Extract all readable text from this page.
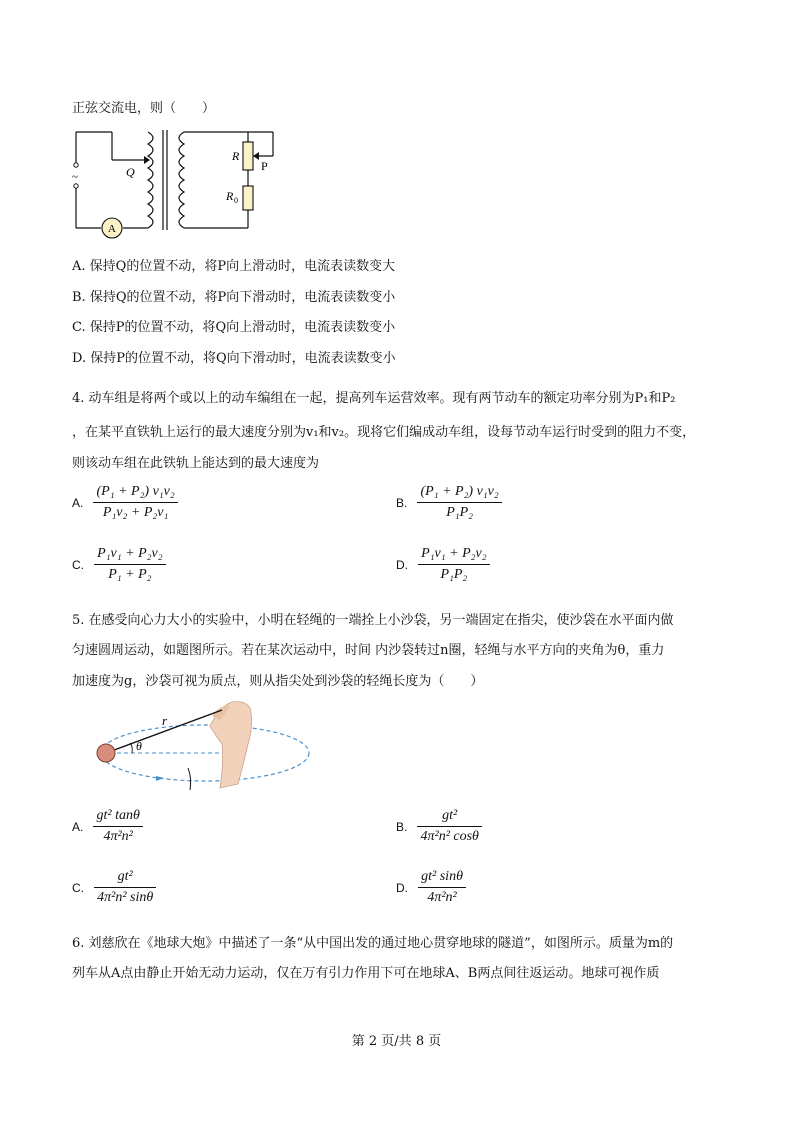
正弦交流电，则（　　）
A
~	Q
R
P
R 0
A. 保持Q的位置不动，将P向上滑动时，电流表读数变大
B. 保持Q的位置不动，将P向下滑动时，电流表读数变小
C. 保持P的位置不动，将Q向上滑动时，电流表读数变小
D. 保持P的位置不动，将Q向下滑动时，电流表读数变小
4. 动车组是将两个或以上的动车编组在一起，提高列车运营效率。现有两节动车的额定功率分别为P₁和P₂
，在某平直铁轨上运行的最大速度分别为v₁和v₂。现将它们编成动车组，设每节动车运行时受到的阻力不变，
则该动车组在此铁轨上能达到的最大速度为
A. $\frac{\text{(P₁ + P₂) v₁v₂}}{\text{P₁v₂ + P₂v₁}}$	B. $\frac{\text{(P₁ + P₂) v₁v₂}}{\text{P₁P₂}}$
C. $\frac{\text{P₁v₁ + P₂v₂}}{\text{P₁ + P₂}}$	D. $\frac{\text{P₁v₁ + P₂v₂}}{\text{P₁P₂}}$
5. 在感受向心力大小的实验中，小明在轻绳的一端拴上小沙袋，另一端固定在指尖，使沙袋在水平面内做
匀速圆周运动，如题图所示。若在某次运动中，时间 内沙袋转过n圈，轻绳与水平方向的夹角为θ，重力
加速度为g，沙袋可视为质点，则从指尖处到沙袋的轻绳长度为（　　）
r
θ
A. $\frac{\text{gt² tanθ}}{\text{4π²n²}}$	B. $\frac{\text{gt²}}{\text{4π²n² cosθ}}$
C. $\frac{\text{gt²}}{\text{4π²n² sinθ}}$	D. $\frac{\text{gt² sinθ}}{\text{4π²n²}}$
6. 刘慈欣在《地球大炮》中描述了一条“从中国出发的通过地心贯穿地球的隧道”，如图所示。质量为m的
列车从A点由静止开始无动力运动，仅在万有引力作用下可在地球A、B两点间往返运动。地球可视作质
第 2 页/共 8 页
